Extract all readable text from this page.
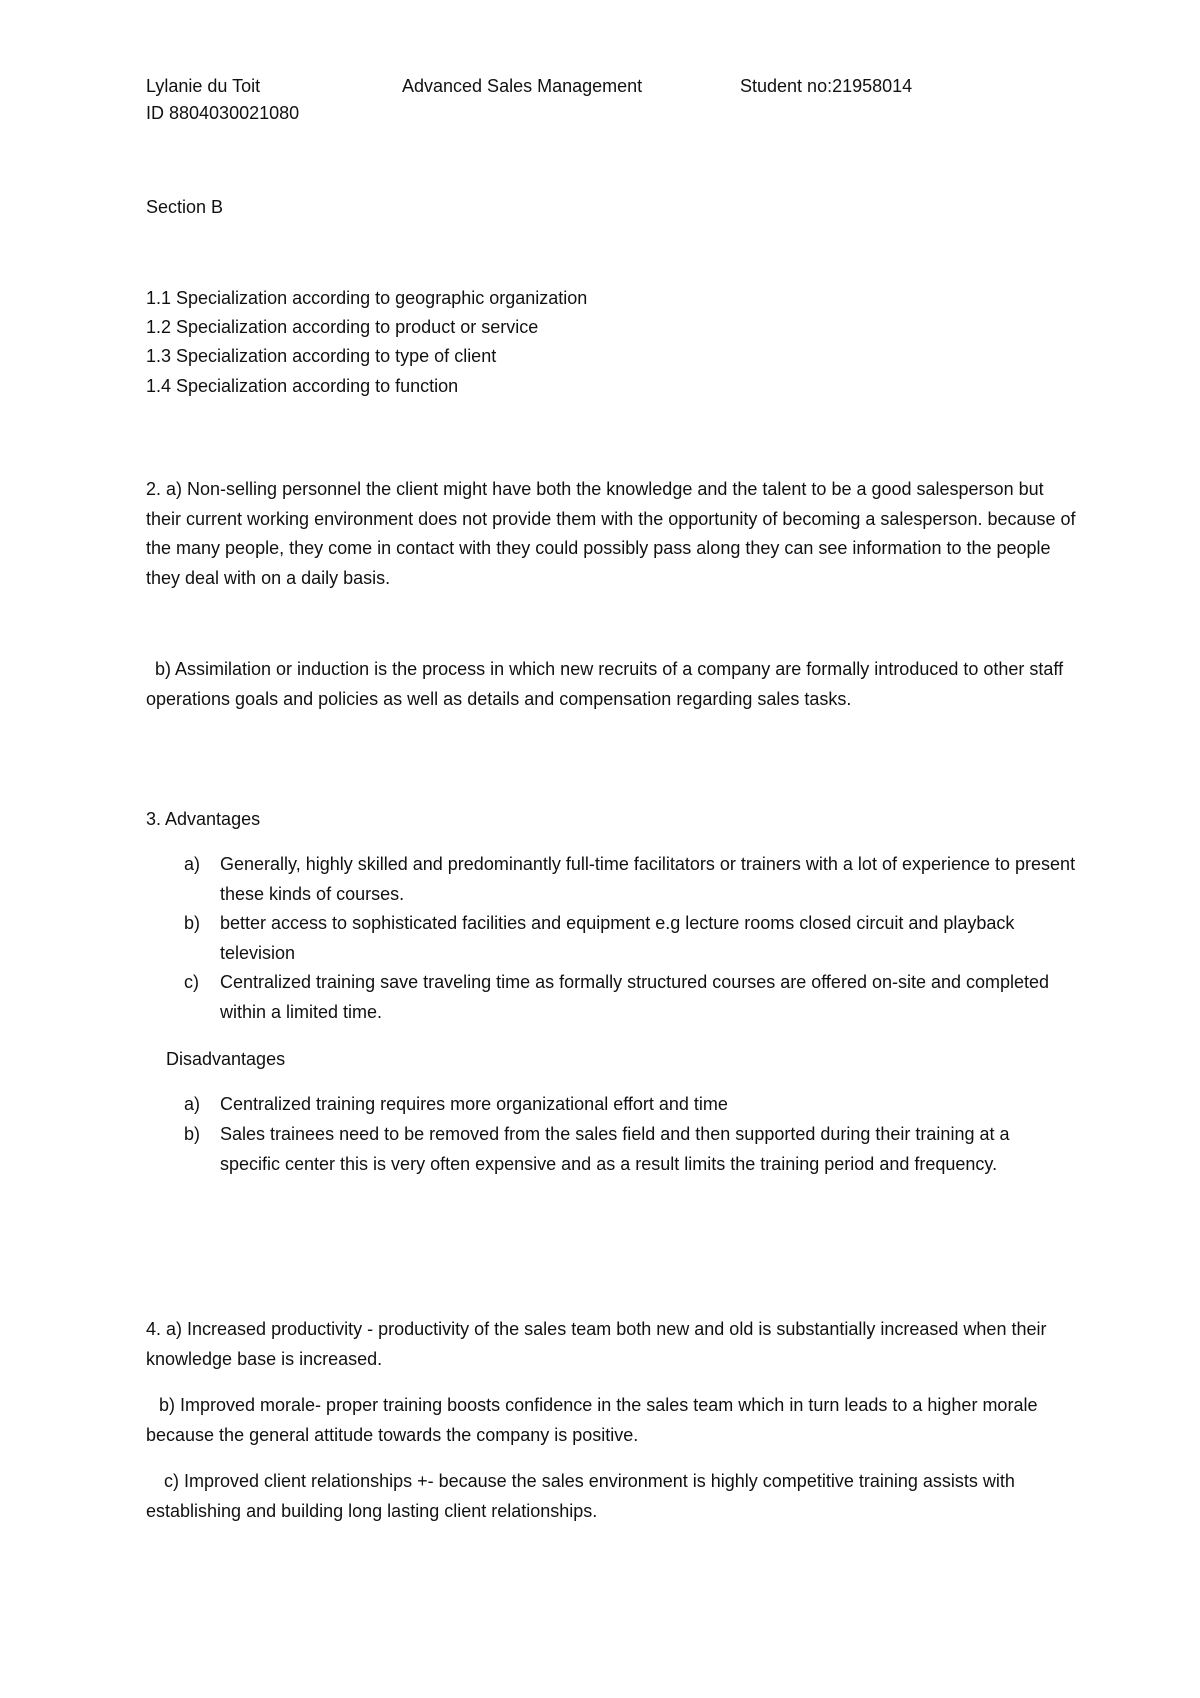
Lylanie du Toit	Advanced Sales Management	Student no:21958014

ID 8804030021080

Section B

1.1 Specialization according to geographic organization

1.2 Specialization according to product or service

1.3 Specialization according to type of client

1.4 Specialization according to function

2. a) Non-selling personnel the client might have both the knowledge and the talent to be a good salesperson but their current working environment does not provide them with the opportunity of becoming a salesperson. because of the many people, they come in contact with they could possibly pass along they can see information to the people they deal with on a daily basis.

b) Assimilation or induction is the process in which new recruits of a company are formally introduced to other staff operations goals and policies as well as details and compensation regarding sales tasks.

3. Advantages

a) Generally, highly skilled and predominantly full-time facilitators or trainers with a lot of experience to present these kinds of courses.

b) better access to sophisticated facilities and equipment e.g lecture rooms closed circuit and playback television

c) Centralized training save traveling time as formally structured courses are offered on-site and completed within a limited time.

Disadvantages

a) Centralized training requires more organizational effort and time

b) Sales trainees need to be removed from the sales field and then supported during their training at a specific center this is very often expensive and as a result limits the training period and frequency.

4. a) Increased productivity - productivity of the sales team both new and old is substantially increased when their knowledge base is increased.

b) Improved morale- proper training boosts confidence in the sales team which in turn leads to a higher morale because the general attitude towards the company is positive.

c) Improved client relationships +- because the sales environment is highly competitive training assists with establishing and building long lasting client relationships.
